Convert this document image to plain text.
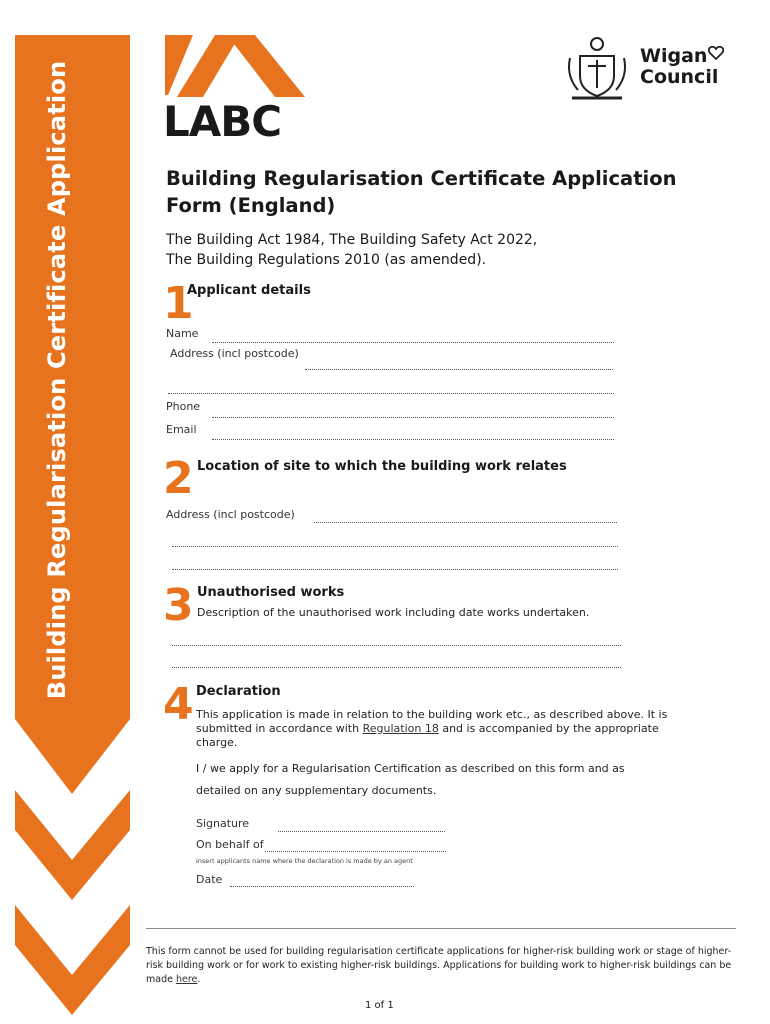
Building Regularisation Certificate Application LABC
Wigan
Council
Building Regularisation Certificate Application Form (England)
The Building Act 1984, The Building Safety Act 2022,
The Building Regulations 2010 (as amended).
1
Applicant details
Name
Address (incl postcode)
Phone
Email
2 Location of site to which the building work relates
Address (incl postcode)
3 Unauthorised works
Description of the unauthorised work including date works undertaken.
4 Declaration
This application is made in relation to the building work etc., as described above. It is submitted in accordance with Regulation 18 and is accompanied by the appropriate charge.
I / we apply for a Regularisation Certification as described on this form and as
detailed on any supplementary documents.
Signature
On behalf of
insert applicants name where the declaration is made by an agent
Date
This form cannot be used for building regularisation certificate applications for higher-risk building work or stage of higher-risk building work or for work to existing higher-risk buildings. Applications for building work to higher-risk buildings can be made here.
1 of 1
